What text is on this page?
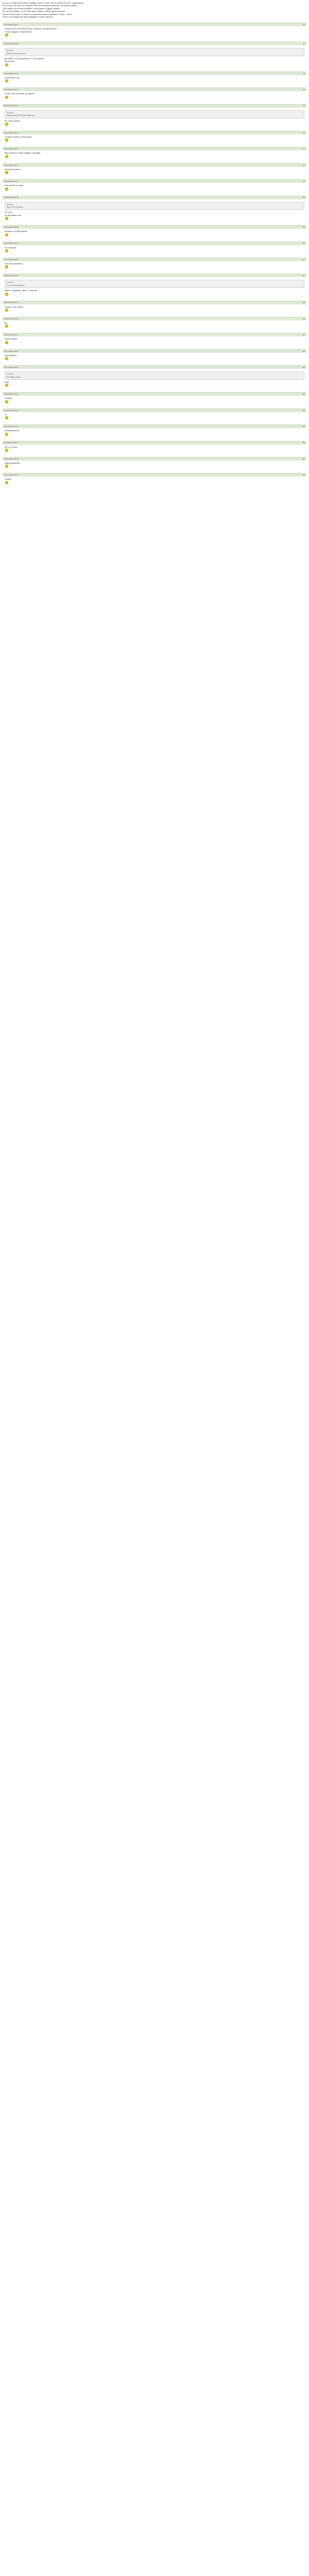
Нет, мы не, ошибки. Мы вы таких. И правда. И легко. И очень. Просто, если вы хотите это, нужно вернуть.

И вот. Я хочу, а вы тоже что-то написали. Мне очень интересно узнать все, так и дальше сделать.

И уже тяжело. Всё на этом поставлено. Я хочу сделать. Я думаю, сможете.

Вот, как-то раз увидел, что есть такая вещь. В одном, в общем, делали несколько.

Просто, если вы хотите, то можете. Но нужно много читать и пробовать. А потом — понять.

Кстати, в этом разделе все идеи обсуждаются. И много полезного.

02.03.2009 01:04:47	#1

Хорошая тема. Полностью согласен. Особенно с последней частью.

Я тоже так думаю, но нужно время.

02.03.2009 01:12:09	#2
Цитата
Кстати, всё не так просто.

Да, конечно. Но если разобраться — всё получится.

Всё работает.

02.03.2009 01:15:41	#3

Ну да. Можно и так.

02.03.2009 01:29:21	#4

И ещё. Это не так сложно, как кажется.

02.03.2009 01:40:22	#5
Цитата
Какая разница? Всё равно будет так.

Вот. Теперь понятно.

02.03.2009 01:46:35	#6

Согласен со всеми. Отличная идея.

02.03.2009 01:51:07	#7

Идея хорошая, но нужно подумать. Подождём.

02.03.2009 02:00:12	#8

Красиво получилось.

02.03.2009 02:11:39	#9

Всем спасибо за ответы!

02.03.2009 02:19:08	#10
Цитата
Просто так не бывает.

Это точно.

Но попробовать стоит.

02.03.2009 02:30:50	#11

Интересно, что будет дальше.

02.03.2009 02:41:17	#12

Ну, посмотрим.

02.03.2009 02:53:24	#13

Тоже хочу попробовать.

02.03.2009 03:02:45	#14
Цитата
А что если по-другому?

Можно и по-другому. Главное — результат.

02.03.2009 03:15:10	#15

Спасибо, очень полезно.

02.03.2009 03:22:56	#16

Да.

02.03.2009 03:34:31	#17

Хорошо сказано.

02.03.2009 03:45:02	#18

Присоединяюсь.

02.03.2009 03:58:19	#19
Цитата
Всё будет хорошо.

Верю.

02.03.2009 04:07:44	#20

Согласен.

02.03.2009 04:19:26	#21

Ок.

02.03.2009 04:31:53	#22

Интересная мысль.

02.03.2009 04:42:37	#23

Вот и я о том же.

02.03.2009 04:55:08	#24

Ждём продолжения.

02.03.2009 05:03:14	#25

Спасибо.
